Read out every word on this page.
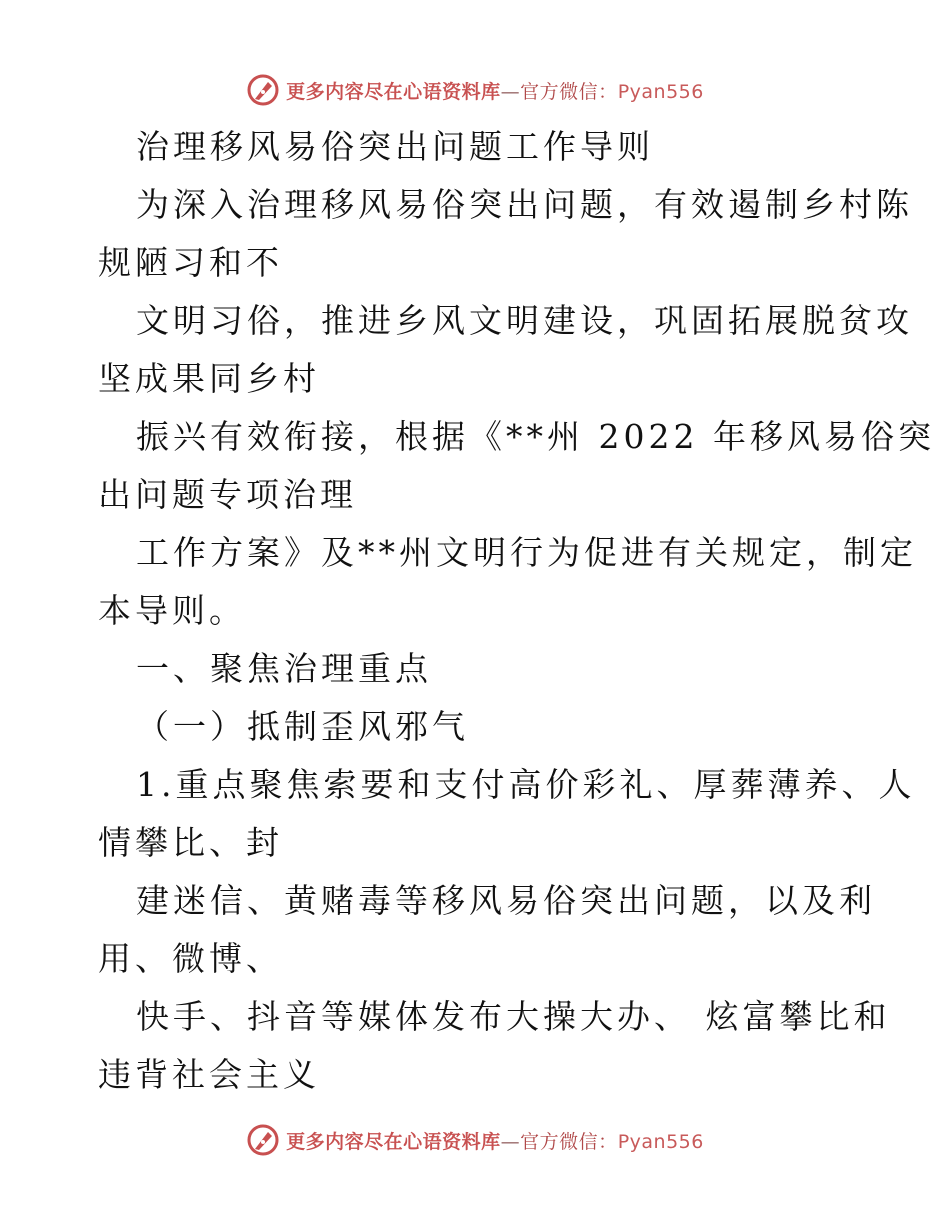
更多内容尽在心语资料库—官方微信：Pyan556
治理移风易俗突出问题工作导则
为深入治理移风易俗突出问题，有效遏制乡村陈
规陋习和不
文明习俗，推进乡风文明建设，巩固拓展脱贫攻
坚成果同乡村
振兴有效衔接，根据《**州 2022 年移风易俗突
出问题专项治理
工作方案》及**州文明行为促进有关规定，制定
本导则。
一、聚焦治理重点
（一）抵制歪风邪气
1.重点聚焦索要和支付高价彩礼、厚葬薄养、人
情攀比、封
建迷信、黄赌毒等移风易俗突出问题，以及利
用、微博、
快手、抖音等媒体发布大操大办、 炫富攀比和
违背社会主义
更多内容尽在心语资料库—官方微信：Pyan556
